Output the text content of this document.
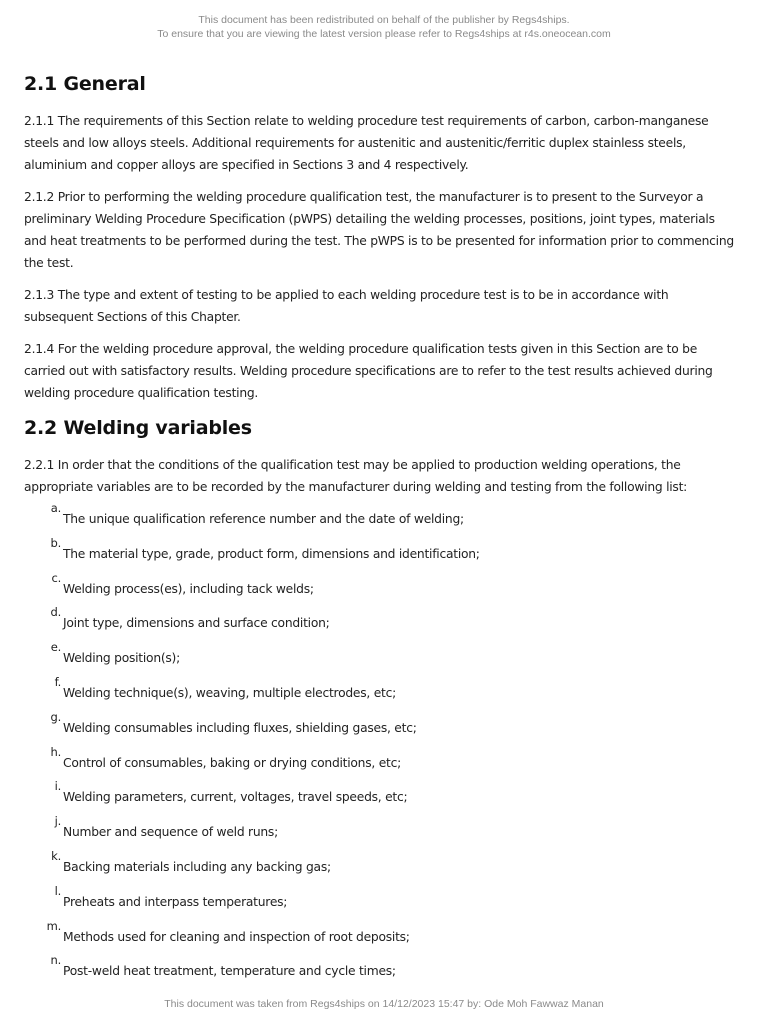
This document has been redistributed on behalf of the publisher by Regs4ships.
To ensure that you are viewing the latest version please refer to Regs4ships at r4s.oneocean.com
2.1 General

2.1.1 The requirements of this Section relate to welding procedure test requirements of carbon, carbon-manganese steels and low alloys steels. Additional requirements for austenitic and austenitic/ferritic duplex stainless steels, aluminium and copper alloys are specified in Sections 3 and 4 respectively.

2.1.2 Prior to performing the welding procedure qualification test, the manufacturer is to present to the Surveyor a preliminary Welding Procedure Specification (pWPS) detailing the welding processes, positions, joint types, materials and heat treatments to be performed during the test. The pWPS is to be presented for information prior to commencing the test.

2.1.3 The type and extent of testing to be applied to each welding procedure test is to be in accordance with subsequent Sections of this Chapter.

2.1.4 For the welding procedure approval, the welding procedure qualification tests given in this Section are to be carried out with satisfactory results. Welding procedure specifications are to refer to the test results achieved during welding procedure qualification testing.

2.2 Welding variables

2.2.1 In order that the conditions of the qualification test may be applied to production welding operations, the appropriate variables are to be recorded by the manufacturer during welding and testing from the following list:

a.
The unique qualification reference number and the date of welding;
b.
The material type, grade, product form, dimensions and identification;
c.
Welding process(es), including tack welds;
d.
Joint type, dimensions and surface condition;
e.
Welding position(s);
f.
Welding technique(s), weaving, multiple electrodes, etc;
g.
Welding consumables including fluxes, shielding gases, etc;
h.
Control of consumables, baking or drying conditions, etc;
i.
Welding parameters, current, voltages, travel speeds, etc;
j.
Number and sequence of weld runs;
k.
Backing materials including any backing gas;
l.
Preheats and interpass temperatures;
m.
Methods used for cleaning and inspection of root deposits;
n.
Post-weld heat treatment, temperature and cycle times;
This document was taken from Regs4ships on 14/12/2023 15:47 by: Ode Moh Fawwaz Manan
